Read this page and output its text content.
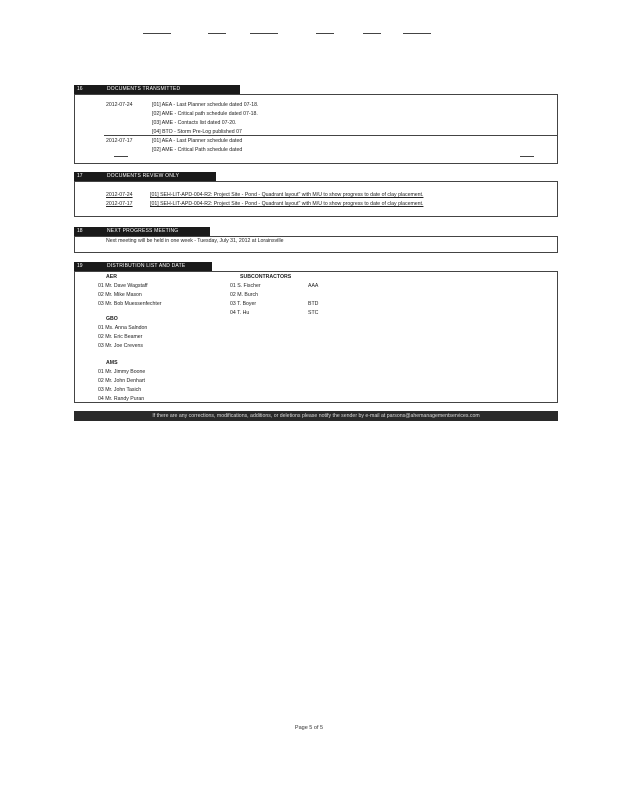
16	DOCUMENTS TRANSMITTED
2012-07-24	[01] AEA - Last Planner schedule dated 07-18.
[02] AME - Critical path schedule dated 07-18.
[03] AME - Contacts list dated 07-20.
[04] BTO - Storm Pre-Log published 07
2012-07-17	[01] AEA - Last Planner schedule dated
[02] AME - Critical Path schedule dated
17	DOCUMENTS REVIEW ONLY
2012-07-24	[01] SEH-LIT-APD-004-R2: Project Site - Pond - Quadrant layout" with M/U to show progress to date of clay placement.
2012-07-17	[01] SEH-LIT-APD-004-R2: Project Site - Pond - Quadrant layout" with M/U to show progress to date of clay placement.
18	NEXT PROGRESS MEETING
Next meeting will be held in one week - Tuesday, July 31, 2012 at Lorainsville
19	DISTRIBUTION LIST AND DATE
AER
01 Mr. Dave Wagstaff
02 Mr. Mike Mason
03 Mr. Bob Muessenfechter
GBO
01 Ms. Anna Salndon
02 Mr. Eric Beamer
03 Mr. Joe Crevens
AMS
01 Mr. Jimmy Boone
02 Mr. John Denhart
03 Mr. John Tasich
04 Mr. Randy Puran
SUBCONTRACTORS
01 S. Fischer	AAA
02 M. Burch
03 T. Boyer	BTD
04 T. Hu	STC
If there are any corrections, modifications, additions, or deletions please notify the sender by e-mail at parsons@ahemanagementservices.com
Page 5 of 5
